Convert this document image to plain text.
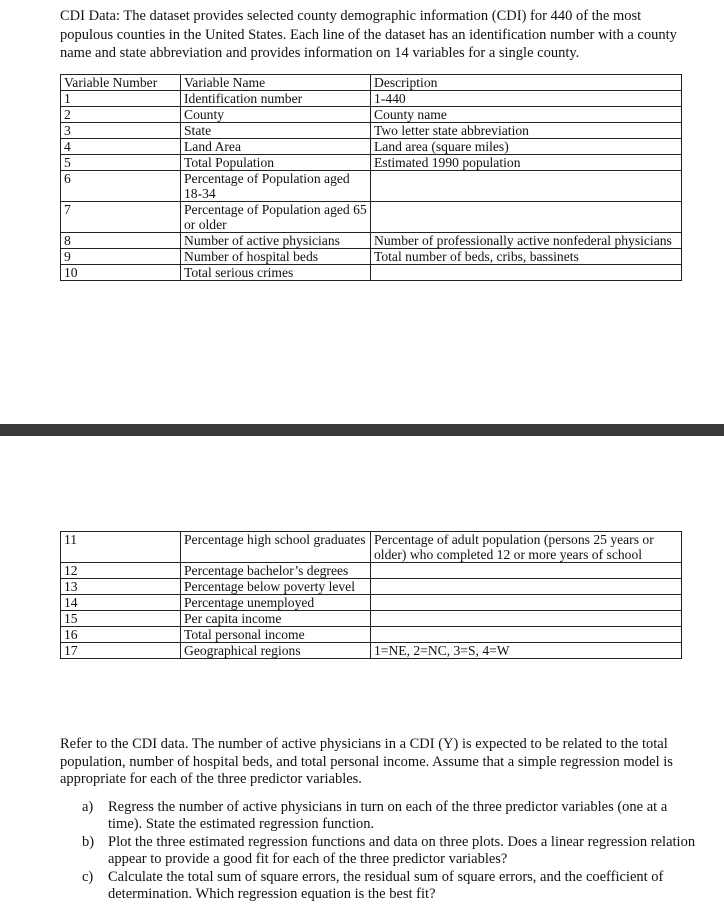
CDI Data: The dataset provides selected county demographic information (CDI) for 440 of the most populous counties in the United States. Each line of the dataset has an identification number with a county name and state abbreviation and provides information on 14 variables for a single county.
Variable Number	Variable Name	Description
1	Identification number	1-440
2	County	County name
3	State	Two letter state abbreviation
4	Land Area	Land area (square miles)
5	Total Population	Estimated 1990 population
6	Percentage of Population aged 18-34	
7	Percentage of Population aged 65 or older	
8	Number of active physicians	Number of professionally active nonfederal physicians
9	Number of hospital beds	Total number of beds, cribs, bassinets
10	Total serious crimes	
11	Percentage high school graduates	Percentage of adult population (persons 25 years or older) who completed 12 or more years of school
12	Percentage bachelor’s degrees	
13	Percentage below poverty level	
14	Percentage unemployed	
15	Per capita income	
16	Total personal income	
17	Geographical regions	1=NE, 2=NC, 3=S, 4=W
Refer to the CDI data. The number of active physicians in a CDI (Y) is expected to be related to the total population, number of hospital beds, and total personal income. Assume that a simple regression model is appropriate for each of the three predictor variables.
a) Regress the number of active physicians in turn on each of the three predictor variables (one at a time). State the estimated regression function.
b) Plot the three estimated regression functions and data on three plots. Does a linear regression relation appear to provide a good fit for each of the three predictor variables?
c) Calculate the total sum of square errors, the residual sum of square errors, and the coefficient of determination. Which regression equation is the best fit?
